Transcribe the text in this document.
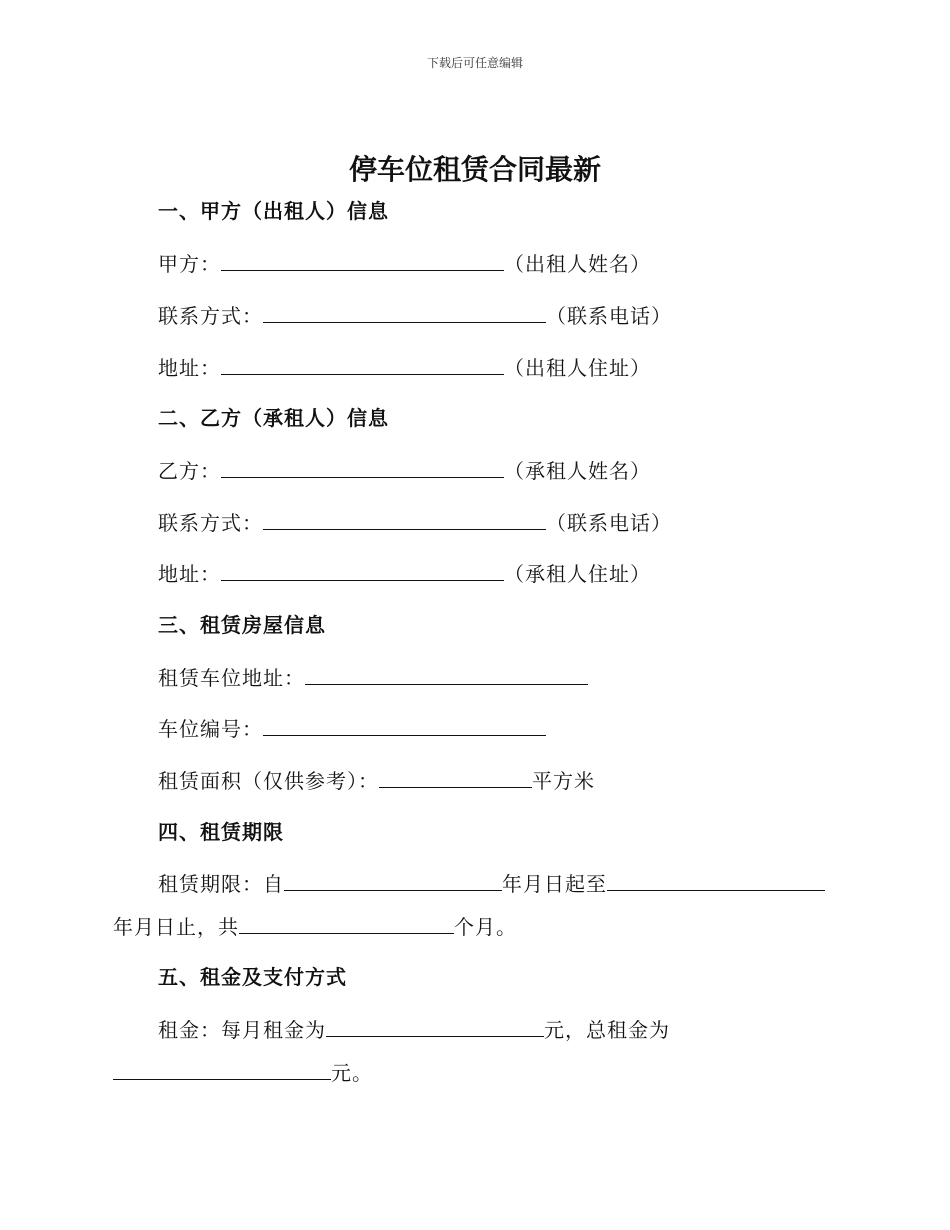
下载后可任意编辑
停车位租赁合同最新
一、甲方（出租人）信息
甲方：	（出租人姓名）
联系方式：	（联系电话）
地址：	（出租人住址）
二、乙方（承租人）信息
乙方：	（承租人姓名）
联系方式：	（联系电话）
地址：	（承租人住址）
三、租赁房屋信息
租赁车位地址：
车位编号：
租赁面积（仅供参考）：	平方米
四、租赁期限
租赁期限：自	年月日起至
年月日止，共	个月。
五、租金及支付方式
租金：每月租金为	元，总租金为
元。
